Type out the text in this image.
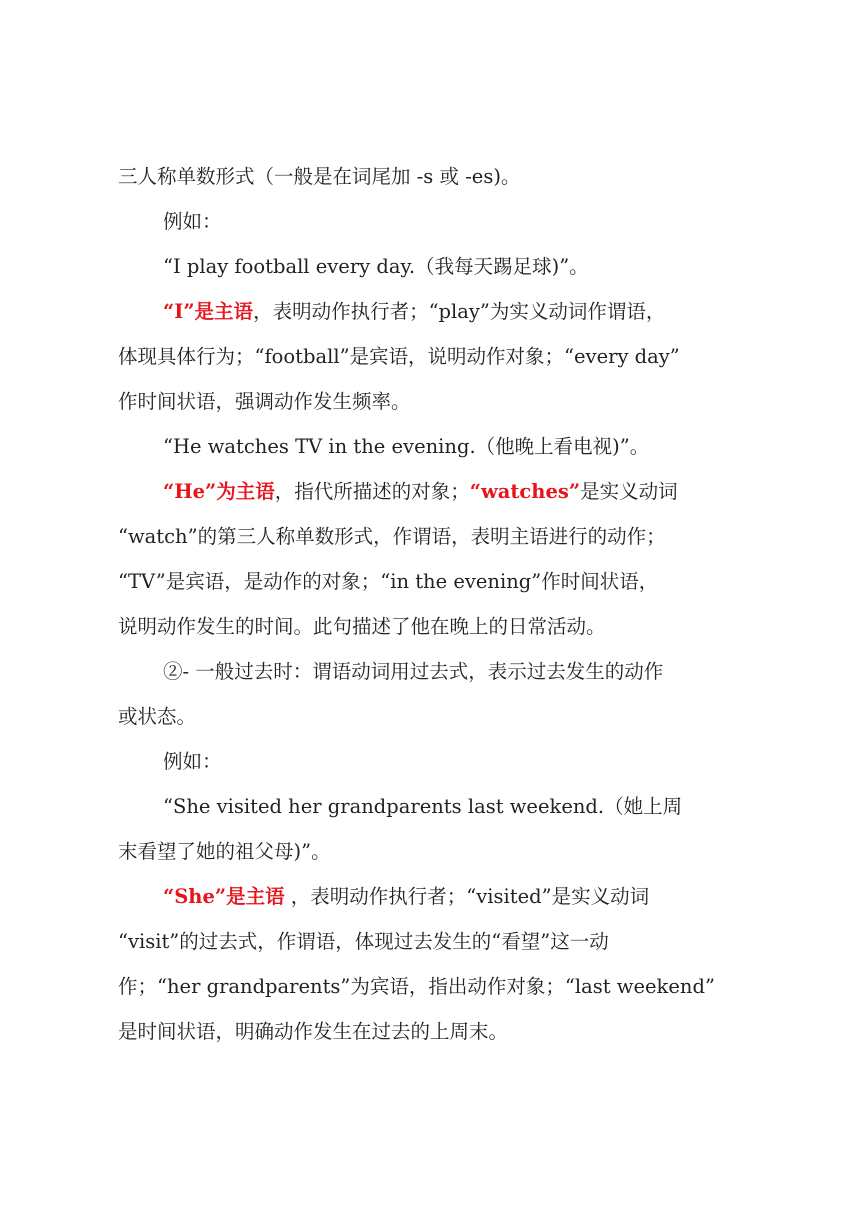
三人称单数形式（一般是在词尾加 -s 或 -es)。
例如：
“I play football every day.（我每天踢足球)”。
“I”是主语，表明动作执行者；“play”为实义动词作谓语，
体现具体行为；“football”是宾语，说明动作对象；“every day”
作时间状语，强调动作发生频率。
“He watches TV in the evening.（他晚上看电视)”。
“He”为主语，指代所描述的对象；“watches”是实义动词
“watch”的第三人称单数形式，作谓语，表明主语进行的动作；
“TV”是宾语，是动作的对象；“in the evening”作时间状语，
说明动作发生的时间。此句描述了他在晚上的日常活动。
②- 一般过去时：谓语动词用过去式，表示过去发生的动作
或状态。
例如：
“She visited her grandparents last weekend.（她上周
末看望了她的祖父母)”。
“She”是主语 ，表明动作执行者；“visited”是实义动词
“visit”的过去式，作谓语，体现过去发生的“看望”这一动
作；“her grandparents”为宾语，指出动作对象；“last weekend”
是时间状语，明确动作发生在过去的上周末。
